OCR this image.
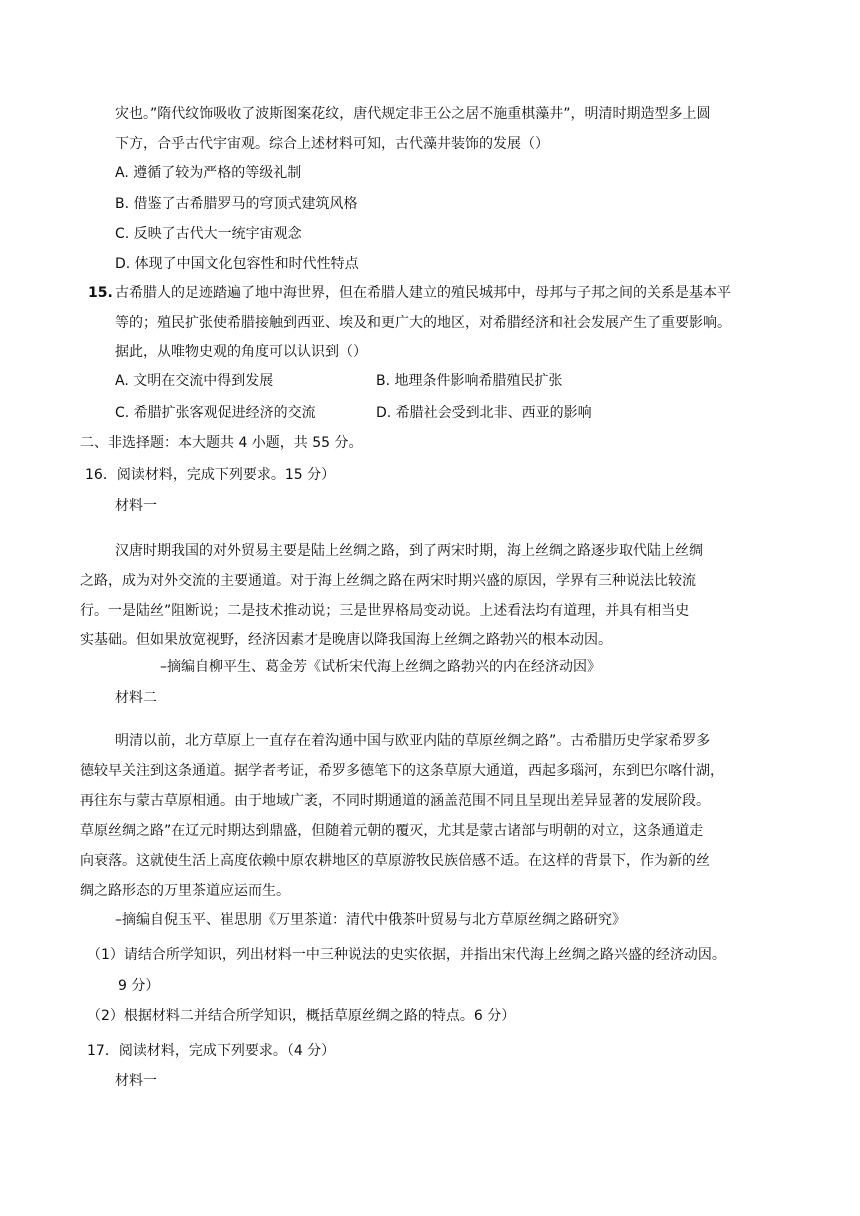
灾也。”隋代纹饰吸收了波斯图案花纹，唐代规定非王公之居不施重棋藻井”，明清时期造型多上圆
下方，合乎古代宇宙观。综合上述材料可知，古代藻井装饰的发展（）
A. 遵循了较为严格的等级礼制
B. 借鉴了古希腊罗马的穹顶式建筑风格
C. 反映了古代大一统宇宙观念
D. 体现了中国文化包容性和时代性特点
15. 古希腊人的足迹踏遍了地中海世界，但在希腊人建立的殖民城邦中，母邦与子邦之间的关系是基本平
等的；殖民扩张使希腊接触到西亚、埃及和更广大的地区，对希腊经济和社会发展产生了重要影响。
据此，从唯物史观的角度可以认识到（）
A. 文明在交流中得到发展	B. 地理条件影响希腊殖民扩张
C. 希腊扩张客观促进经济的交流	D. 希腊社会受到北非、西亚的影响
二、非选择题：本大题共 4 小题，共 55 分。
16．阅读材料，完成下列要求。15 分）
材料一
汉唐时期我国的对外贸易主要是陆上丝绸之路，到了两宋时期，海上丝绸之路逐步取代陆上丝绸
之路，成为对外交流的主要通道。对于海上丝绸之路在两宋时期兴盛的原因，学界有三种说法比较流
行。一是陆丝”阻断说；二是技术推动说；三是世界格局变动说。上述看法均有道理，并具有相当史
实基础。但如果放宽视野，经济因素才是晚唐以降我国海上丝绸之路勃兴的根本动因。
–摘编自柳平生、葛金芳《试析宋代海上丝绸之路勃兴的内在经济动因》
材料二
明清以前，北方草原上一直存在着沟通中国与欧亚内陆的草原丝绸之路”。古希腊历史学家希罗多
德较早关注到这条通道。据学者考证，希罗多德笔下的这条草原大通道，西起多瑙河，东到巴尔喀什湖，
再往东与蒙古草原相通。由于地域广袤，不同时期通道的涵盖范围不同且呈现出差异显著的发展阶段。
草原丝绸之路”在辽元时期达到鼎盛，但随着元朝的覆灭，尤其是蒙古诸部与明朝的对立，这条通道走
向衰落。这就使生活上高度依赖中原农耕地区的草原游牧民族倍感不适。在这样的背景下，作为新的丝
绸之路形态的万里茶道应运而生。
–摘编自倪玉平、崔思朋《万里茶道：清代中俄茶叶贸易与北方草原丝绸之路研究》
（1）请结合所学知识，列出材料一中三种说法的史实依据，并指出宋代海上丝绸之路兴盛的经济动因。
9 分）
（2）根据材料二并结合所学知识，概括草原丝绸之路的特点。6 分）
17．阅读材料，完成下列要求。（4 分）
材料一
